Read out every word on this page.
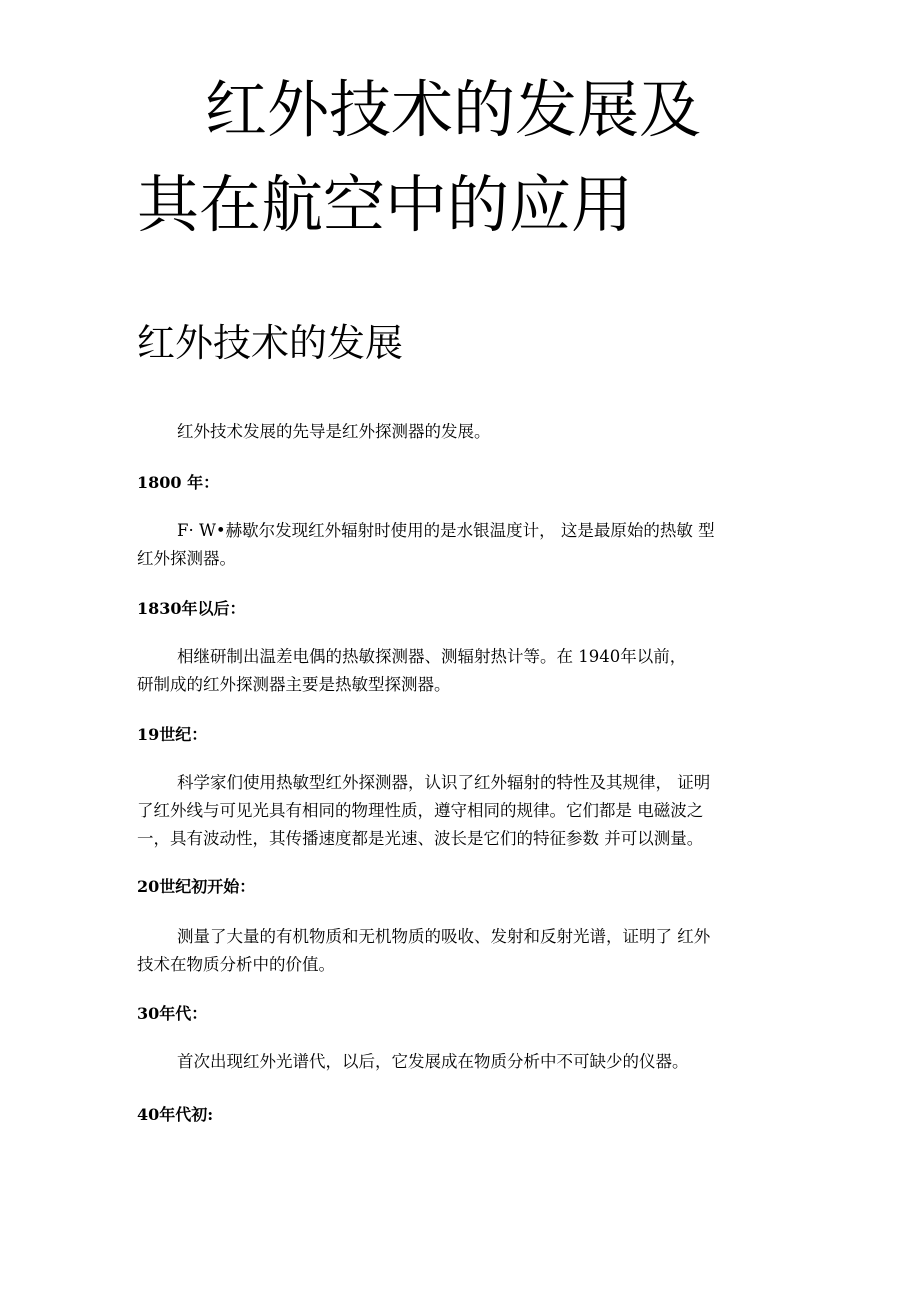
红外技术的发展及
其在航空中的应用
红外技术的发展
红外技术发展的先导是红外探测器的发展。
1800 年：
F· W•赫歇尔发现红外辐射时使用的是水银温度计， 这是最原始的热敏 型
红外探测器。
1830年以后：
相继研制出温差电偶的热敏探测器、测辐射热计等。在 1940年以前，
研制成的红外探测器主要是热敏型探测器。
19世纪：
科学家们使用热敏型红外探测器，认识了红外辐射的特性及其规律， 证明
了红外线与可见光具有相同的物理性质，遵守相同的规律。它们都是 电磁波之
一，具有波动性，其传播速度都是光速、波长是它们的特征参数 并可以测量。
20世纪初开始：
测量了大量的有机物质和无机物质的吸收、发射和反射光谱，证明了 红外
技术在物质分析中的价值。
30年代：
首次出现红外光谱代，以后，它发展成在物质分析中不可缺少的仪器。
40年代初:
